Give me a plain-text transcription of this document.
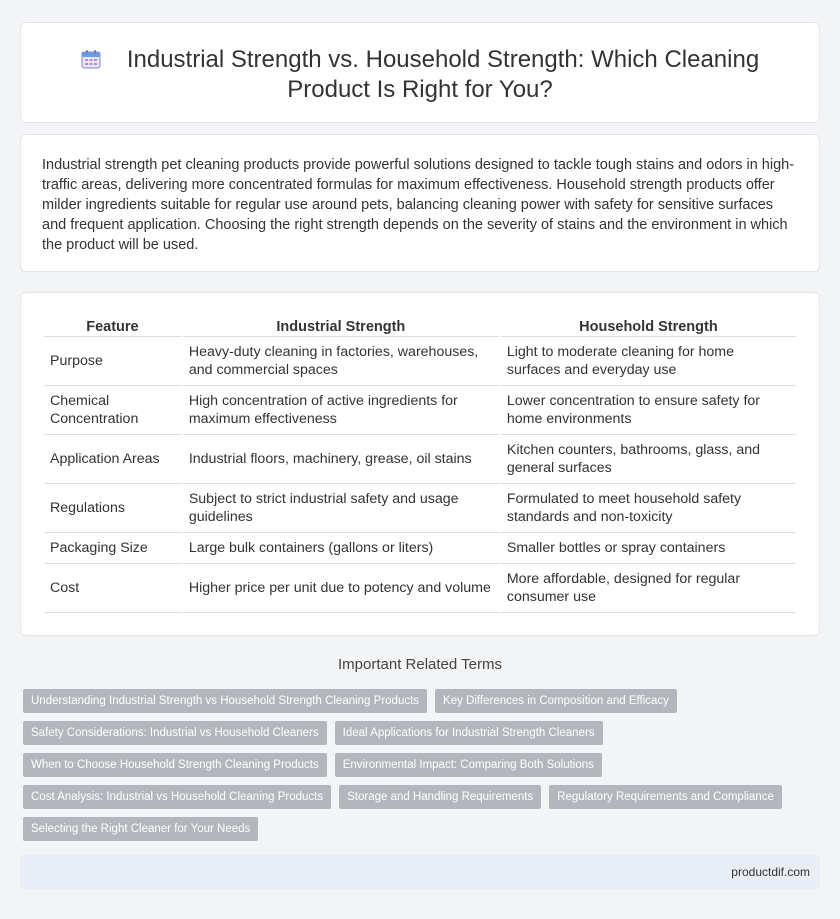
Industrial Strength vs. Household Strength: Which Cleaning Product Is Right for You?

Industrial strength pet cleaning products provide powerful solutions designed to tackle tough stains and odors in high-traffic areas, delivering more concentrated formulas for maximum effectiveness. Household strength products offer milder ingredients suitable for regular use around pets, balancing cleaning power with safety for sensitive surfaces and frequent application. Choosing the right strength depends on the severity of stains and the environment in which the product will be used.

Feature	Industrial Strength	Household Strength
Purpose	Heavy-duty cleaning in factories, warehouses, and commercial spaces	Light to moderate cleaning for home surfaces and everyday use
Chemical Concentration	High concentration of active ingredients for maximum effectiveness	Lower concentration to ensure safety for home environments
Application Areas	Industrial floors, machinery, grease, oil stains	Kitchen counters, bathrooms, glass, and general surfaces
Regulations	Subject to strict industrial safety and usage guidelines	Formulated to meet household safety standards and non-toxicity
Packaging Size	Large bulk containers (gallons or liters)	Smaller bottles or spray containers
Cost	Higher price per unit due to potency and volume	More affordable, designed for regular consumer use
Important Related Terms
Understanding Industrial Strength vs Household Strength Cleaning Products	Key Differences in Composition and Efficacy
Safety Considerations: Industrial vs Household Cleaners	Ideal Applications for Industrial Strength Cleaners
When to Choose Household Strength Cleaning Products	Environmental Impact: Comparing Both Solutions
Cost Analysis: Industrial vs Household Cleaning Products	Storage and Handling Requirements	Regulatory Requirements and Compliance
Selecting the Right Cleaner for Your Needs
productdif.com
